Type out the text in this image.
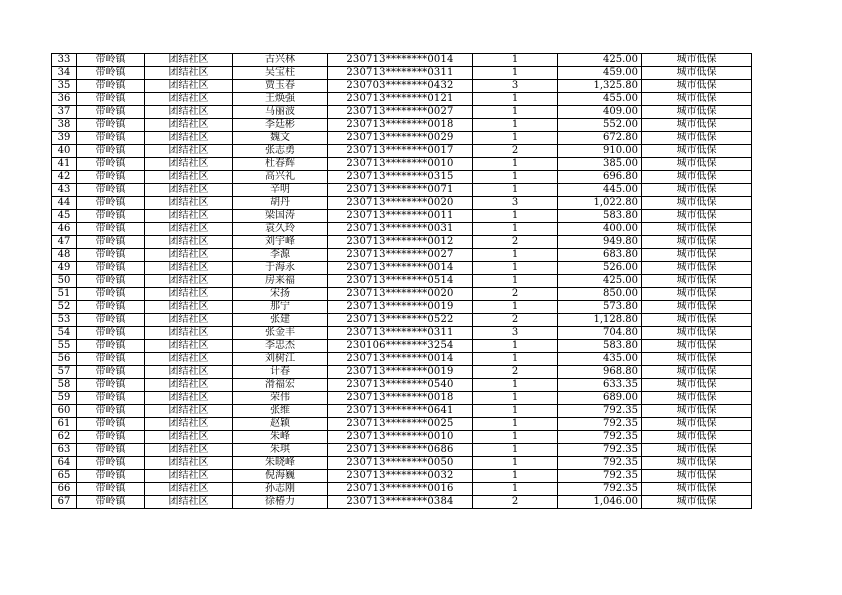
33	带岭镇	团结社区	古兴林	230713********0014	1	425.00	城市低保
34	带岭镇	团结社区	吴宝柱	230713********0311	1	459.00	城市低保
35	带岭镇	团结社区	贾玉春	230703********0432	3	1,325.80	城市低保
36	带岭镇	团结社区	王焕强	230713********0121	1	455.00	城市低保
37	带岭镇	团结社区	马丽波	230713********0027	1	409.00	城市低保
38	带岭镇	团结社区	李廷彬	230713********0018	1	552.00	城市低保
39	带岭镇	团结社区	魏文	230713********0029	1	672.80	城市低保
40	带岭镇	团结社区	张志勇	230713********0017	2	910.00	城市低保
41	带岭镇	团结社区	杜春辉	230713********0010	1	385.00	城市低保
42	带岭镇	团结社区	高兴礼	230713********0315	1	696.80	城市低保
43	带岭镇	团结社区	辛明	230713********0071	1	445.00	城市低保
44	带岭镇	团结社区	胡丹	230713********0020	3	1,022.80	城市低保
45	带岭镇	团结社区	梁国涛	230713********0011	1	583.80	城市低保
46	带岭镇	团结社区	袁久玲	230713********0031	1	400.00	城市低保
47	带岭镇	团结社区	刘宇峰	230713********0012	2	949.80	城市低保
48	带岭镇	团结社区	李源	230713********0027	1	683.80	城市低保
49	带岭镇	团结社区	于海永	230713********0014	1	526.00	城市低保
50	带岭镇	团结社区	房来福	230713********0514	1	425.00	城市低保
51	带岭镇	团结社区	宋扬	230713********0020	2	850.00	城市低保
52	带岭镇	团结社区	那宁	230713********0019	1	573.80	城市低保
53	带岭镇	团结社区	张建	230713********0522	2	1,128.80	城市低保
54	带岭镇	团结社区	张金丰	230713********0311	3	704.80	城市低保
55	带岭镇	团结社区	李忠杰	230106********3254	1	583.80	城市低保
56	带岭镇	团结社区	刘树江	230713********0014	1	435.00	城市低保
57	带岭镇	团结社区	计春	230713********0019	2	968.80	城市低保
58	带岭镇	团结社区	滑福宏	230713********0540	1	633.35	城市低保
59	带岭镇	团结社区	荣伟	230713********0018	1	689.00	城市低保
60	带岭镇	团结社区	张维	230713********0641	1	792.35	城市低保
61	带岭镇	团结社区	赵颖	230713********0025	1	792.35	城市低保
62	带岭镇	团结社区	朱峰	230713********0010	1	792.35	城市低保
63	带岭镇	团结社区	朱琪	230713********0686	1	792.35	城市低保
64	带岭镇	团结社区	朱晓峰	230713********0050	1	792.35	城市低保
65	带岭镇	团结社区	倪海巍	230713********0032	1	792.35	城市低保
66	带岭镇	团结社区	孙志刚	230713********0016	1	792.35	城市低保
67	带岭镇	团结社区	徐椿力	230713********0384	2	1,046.00	城市低保
